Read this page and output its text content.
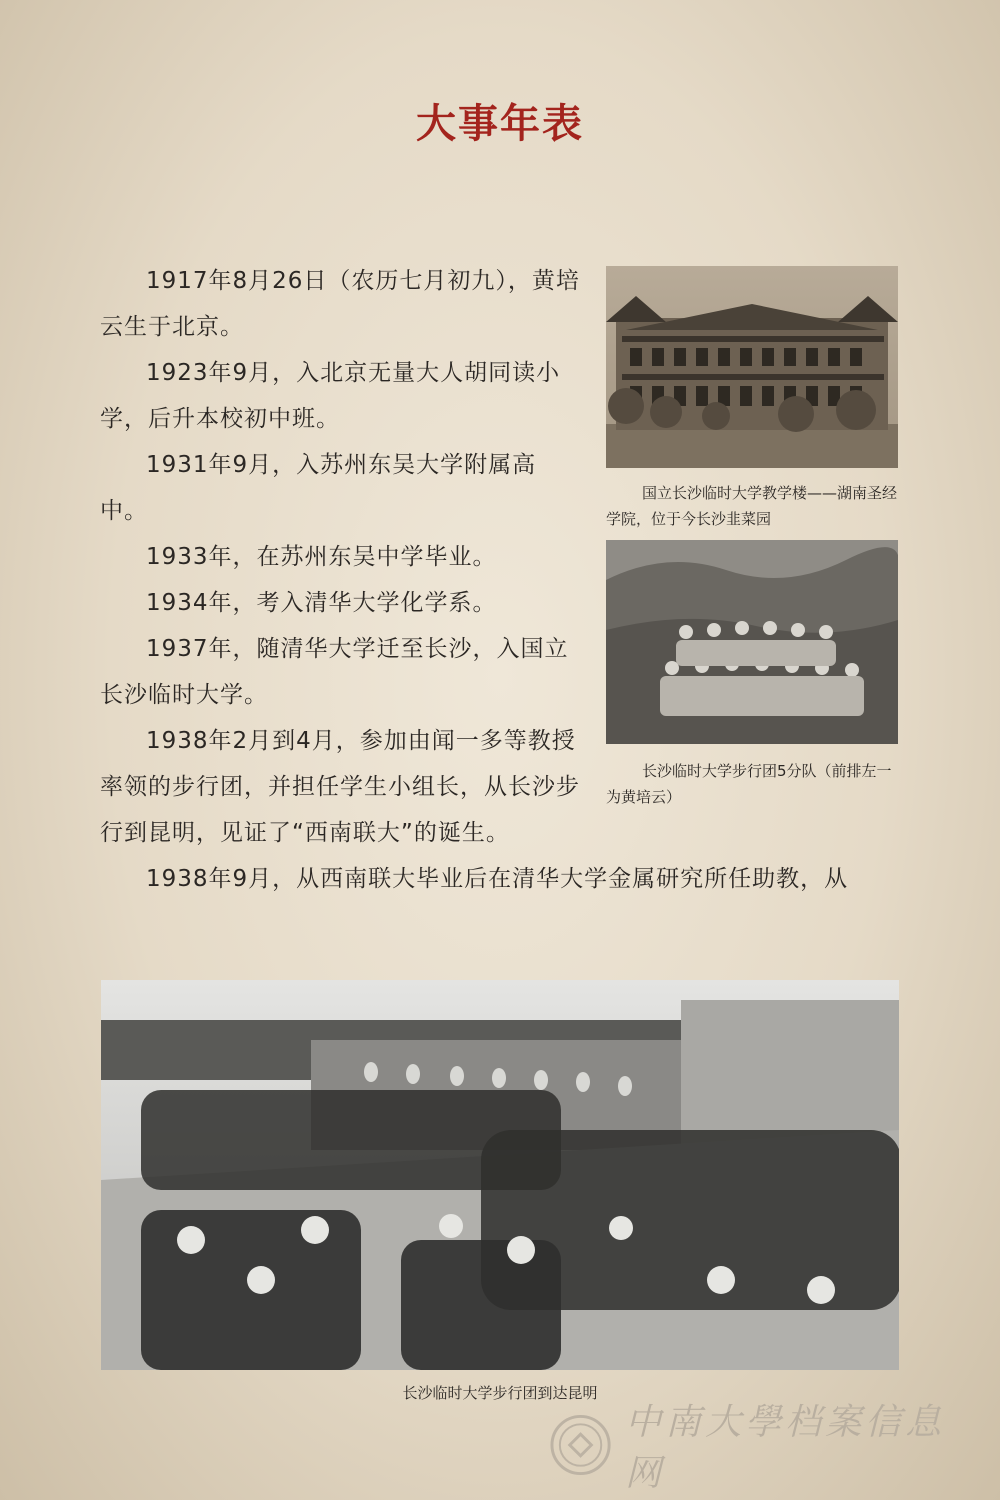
大事年表

1917年8月26日（农历七月初九），黄培云生于北京。

1923年9月，入北京无量大人胡同读小学，后升本校初中班。

1931年9月，入苏州东吴大学附属高中。

1933年，在苏州东吴中学毕业。

1934年，考入清华大学化学系。

1937年，随清华大学迁至长沙，入国立长沙临时大学。

1938年2月到4月，参加由闻一多等教授率领的步行团，并担任学生小组长，从长沙步行到昆明，见证了“西南联大”的诞生。

1938年9月，从西南联大毕业后在清华大学金属研究所任助教，从

国立长沙临时大学教学楼——湖南圣经学院，位于今长沙韭菜园
长沙临时大学步行团5分队（前排左一为黄培云）
长沙临时大学步行团到达昆明
中南大學档案信息网
